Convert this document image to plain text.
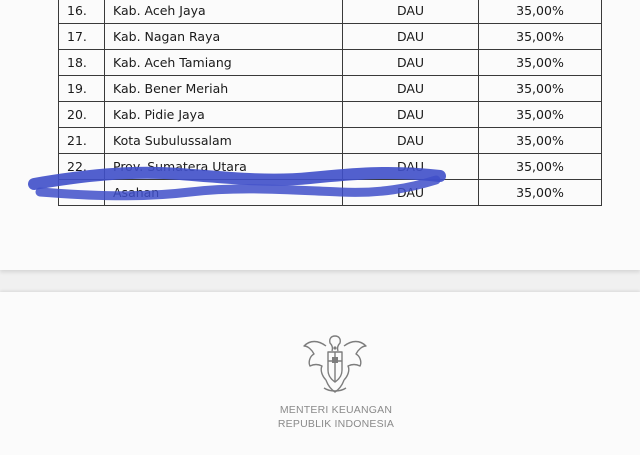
16.	Kab. Aceh Jaya	DAU	35,00%
17.	Kab. Nagan Raya	DAU	35,00%
18.	Kab. Aceh Tamiang	DAU	35,00%
19.	Kab. Bener Meriah	DAU	35,00%
20.	Kab. Pidie Jaya	DAU	35,00%
21.	Kota Subulussalam	DAU	35,00%
22.	Prov. Sumatera Utara	DAU	35,00%
	Asahan	DAU	35,00%
MENTERI KEUANGAN
REPUBLIK INDONESIA
